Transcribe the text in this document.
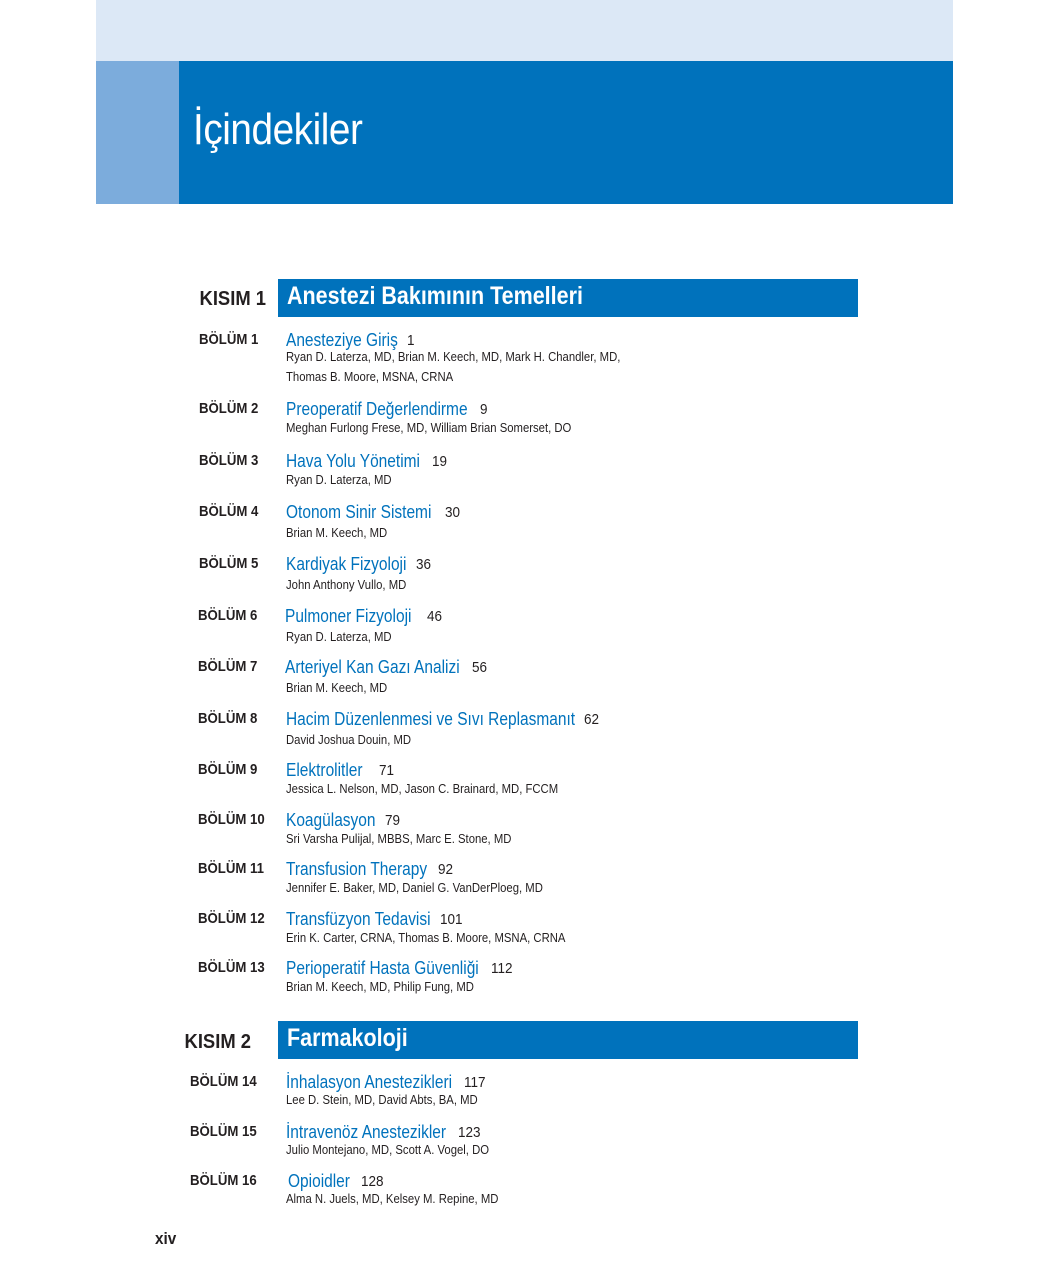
İçindekiler
KISIM 1 Anestezi Bakımının Temelleri
BÖLÜM 1 Anesteziye Giriş 1
Ryan D. Laterza, MD, Brian M. Keech, MD, Mark H. Chandler, MD,
Thomas B. Moore, MSNA, CRNA
BÖLÜM 2 Preoperatif Değerlendirme 9
Meghan Furlong Frese, MD, William Brian Somerset, DO
BÖLÜM 3 Hava Yolu Yönetimi 19
Ryan D. Laterza, MD
BÖLÜM 4 Otonom Sinir Sistemi 30
Brian M. Keech, MD
BÖLÜM 5 Kardiyak Fizyoloji 36
John Anthony Vullo, MD
BÖLÜM 6 Pulmoner Fizyoloji	46
Ryan D. Laterza, MD
BÖLÜM 7 Arteriyel Kan Gazı Analizi 56
Brian M. Keech, MD
BÖLÜM 8 Hacim Düzenlenmesi ve Sıvı Replasmanıt 62
David Joshua Douin, MD
BÖLÜM 9 Elektrolitler	71
Jessica L. Nelson, MD, Jason C. Brainard, MD, FCCM
BÖLÜM 10 Koagülasyon 79
Sri Varsha Pulijal, MBBS, Marc E. Stone, MD
BÖLÜM 11 Transfusion Therapy 92
Jennifer E. Baker, MD, Daniel G. VanDerPloeg, MD
BÖLÜM 12 Transfüzyon Tedavisi 101
Erin K. Carter, CRNA, Thomas B. Moore, MSNA, CRNA
BÖLÜM 13 Perioperatif Hasta Güvenliği 112
Brian M. Keech, MD, Philip Fung, MD
KISIM 2 Farmakoloji
BÖLÜM 14 İnhalasyon Anestezikleri 117
Lee D. Stein, MD, David Abts, BA, MD
BÖLÜM 15 İntravenöz Anestezikler 123
Julio Montejano, MD, Scott A. Vogel, DO
BÖLÜM 16 Opioidler 128
Alma N. Juels, MD, Kelsey M. Repine, MD
xiv
